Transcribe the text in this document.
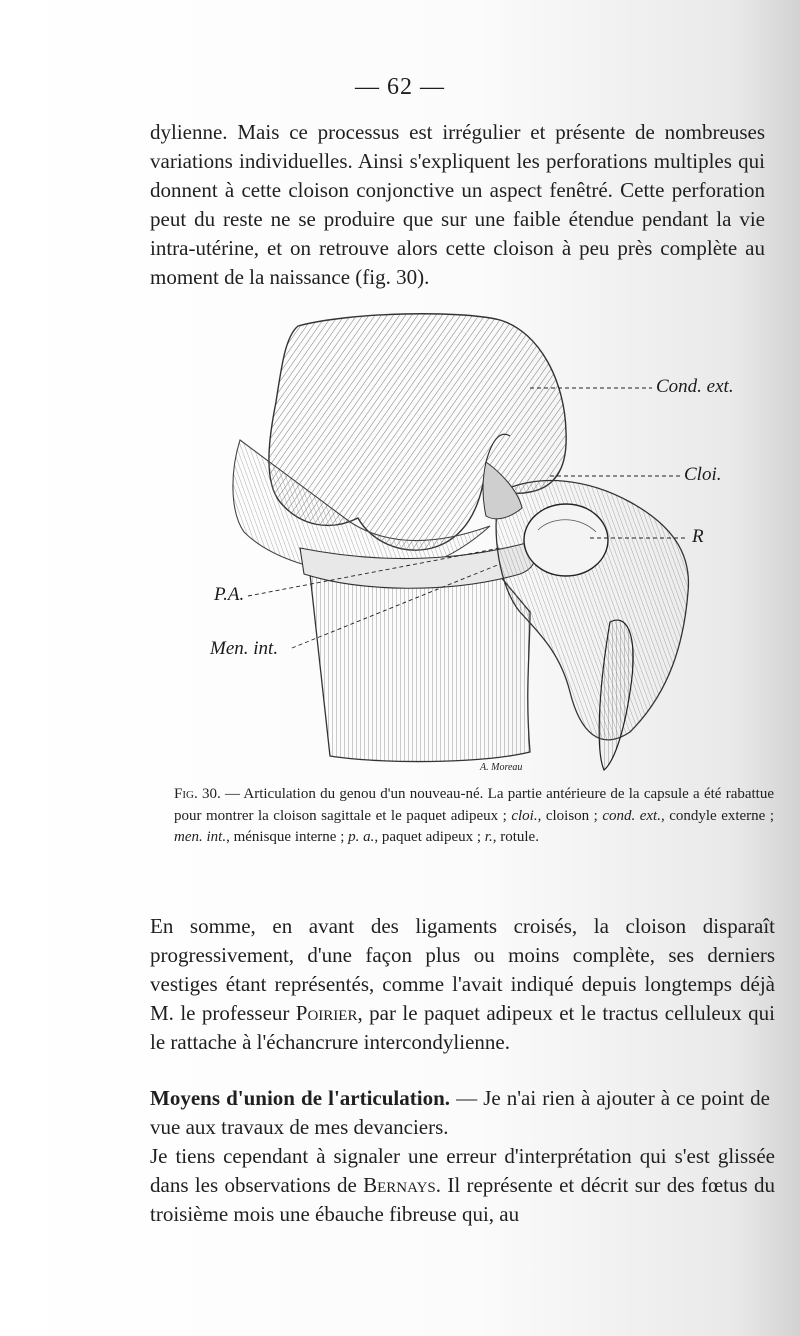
— 62 —

dylienne. Mais ce processus est irrégulier et présente de nombreuses variations individuelles. Ainsi s'expliquent les perforations multiples qui donnent à cette cloison conjonctive un aspect fenêtré. Cette perforation peut du reste ne se produire que sur une faible étendue pendant la vie intra-utérine, et on retrouve alors cette cloison à peu près complète au moment de la naissance (fig. 30).

Cond. ext.
Cloi.
R
P.A.
Men. int.
A. Moreau
Fig. 30. — Articulation du genou d'un nouveau-né. La partie antérieure de la capsule a été rabattue pour montrer la cloison sagittale et le paquet adipeux ; cloi., cloison ; cond. ext., condyle externe ; men. int., ménisque interne ; p. a., paquet adipeux ; r., rotule.

En somme, en avant des ligaments croisés, la cloison disparaît progressivement, d'une façon plus ou moins complète, ses derniers vestiges étant représentés, comme l'avait indiqué depuis longtemps déjà M. le professeur Poirier, par le paquet adipeux et le tractus celluleux qui le rattache à l'échancrure intercondylienne.

Moyens d'union de l'articulation. — Je n'ai rien à ajouter à ce point de vue aux travaux de mes devanciers.

Je tiens cependant à signaler une erreur d'interprétation qui s'est glissée dans les observations de Bernays. Il représente et décrit sur des fœtus du troisième mois une ébauche fibreuse qui, au
